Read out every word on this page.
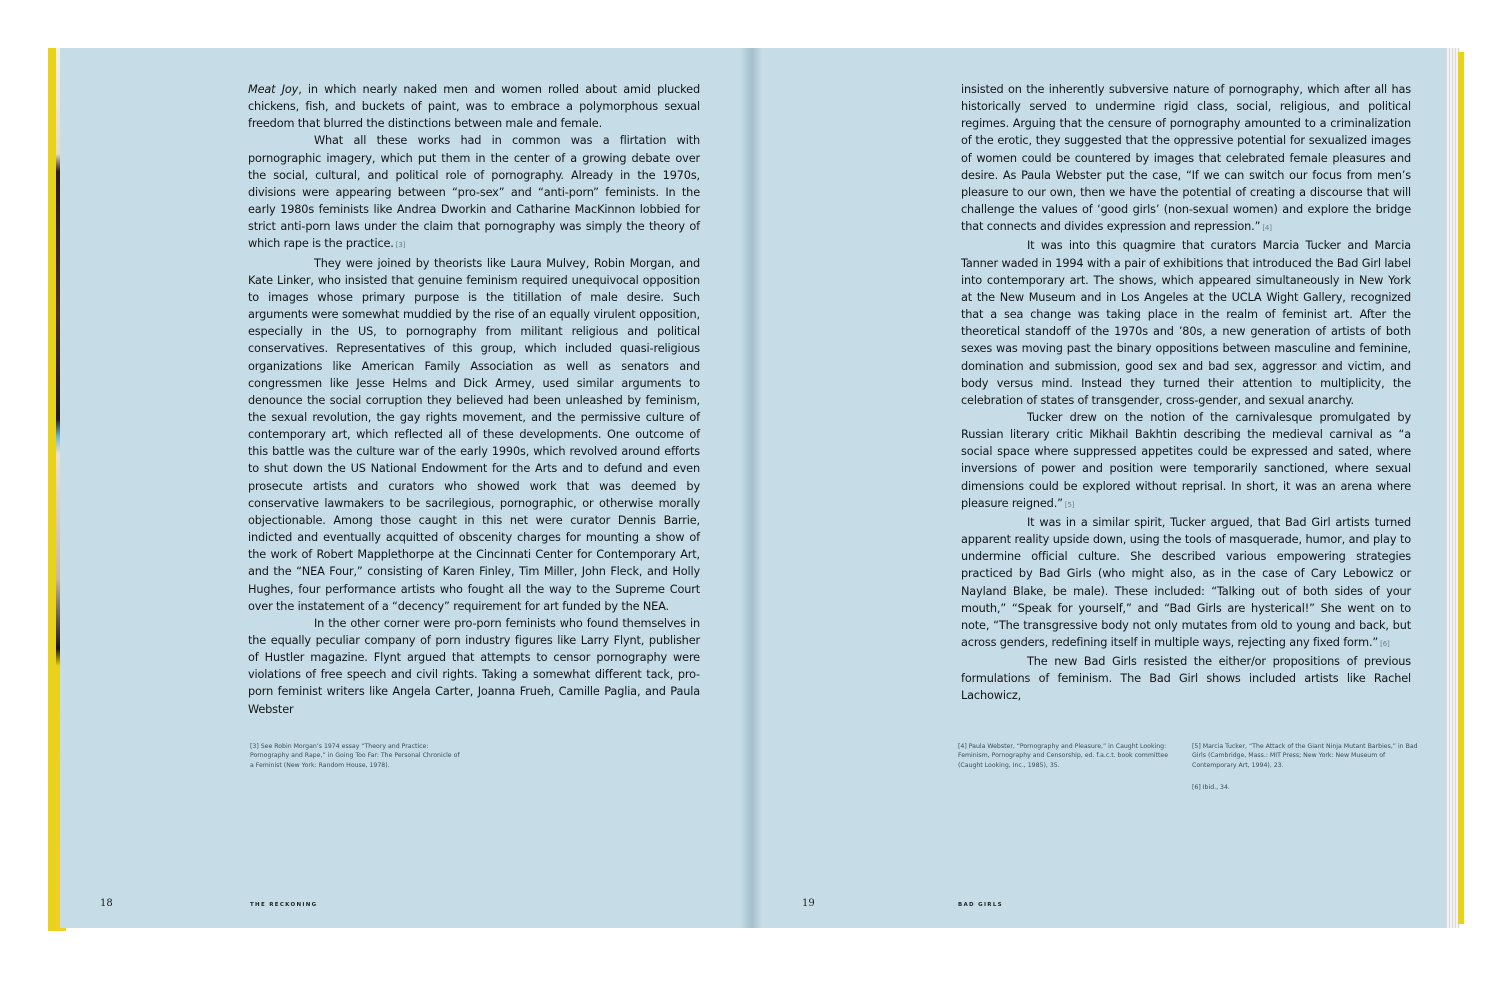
Meat Joy, in which nearly naked men and women rolled about amid plucked chickens, fish, and buckets of paint, was to embrace a polymorphous sexual freedom that blurred the distinctions between male and female.

What all these works had in common was a flirtation with pornographic imagery, which put them in the center of a growing debate over the social, cultural, and political role of pornography. Already in the 1970s, divisions were appearing between “pro-sex” and “anti-porn” feminists. In the early 1980s feminists like Andrea Dworkin and Catharine MacKinnon lobbied for strict anti-porn laws under the claim that pornography was simply the theory of which rape is the practice. [3]

They were joined by theorists like Laura Mulvey, Robin Morgan, and Kate Linker, who insisted that genuine feminism required unequivocal opposition to images whose primary purpose is the titillation of male desire. Such arguments were somewhat muddied by the rise of an equally virulent opposition, especially in the US, to pornography from militant religious and political conservatives. Representatives of this group, which included quasi-religious organizations like American Family Association as well as senators and congressmen like Jesse Helms and Dick Armey, used similar arguments to denounce the social corruption they believed had been unleashed by feminism, the sexual revolution, the gay rights movement, and the permissive culture of contemporary art, which reflected all of these developments. One outcome of this battle was the culture war of the early 1990s, which revolved around efforts to shut down the US National Endowment for the Arts and to defund and even prosecute artists and curators who showed work that was deemed by conservative lawmakers to be sacrilegious, pornographic, or otherwise morally objectionable. Among those caught in this net were curator Dennis Barrie, indicted and eventually acquitted of obscenity charges for mounting a show of the work of Robert Mapplethorpe at the Cincinnati Center for Contemporary Art, and the “NEA Four,” consisting of Karen Finley, Tim Miller, John Fleck, and Holly Hughes, four performance artists who fought all the way to the Supreme Court over the instatement of a “decency” requirement for art funded by the NEA.

In the other corner were pro-porn feminists who found themselves in the equally peculiar company of porn industry figures like Larry Flynt, publisher of Hustler magazine. Flynt argued that attempts to censor pornography were violations of free speech and civil rights. Taking a somewhat different tack, pro-porn feminist writers like Angela Carter, Joanna Frueh, Camille Paglia, and Paula Webster

[3] See Robin Morgan’s 1974 essay “Theory and Practice: Pornography and Rape,” in Going Too Far: The Personal Chronicle of a Feminist (New York: Random House, 1978).

18	THE RECKONING

insisted on the inherently subversive nature of pornography, which after all has historically served to undermine rigid class, social, religious, and political regimes. Arguing that the censure of pornography amounted to a criminalization of the erotic, they suggested that the oppressive potential for sexualized images of women could be countered by images that celebrated female pleasures and desire. As Paula Webster put the case, “If we can switch our focus from men’s pleasure to our own, then we have the potential of creating a discourse that will challenge the values of ‘good girls’ (non-sexual women) and explore the bridge that connects and divides expression and repression.” [4]

It was into this quagmire that curators Marcia Tucker and Marcia Tanner waded in 1994 with a pair of exhibitions that introduced the Bad Girl label into contemporary art. The shows, which appeared simultaneously in New York at the New Museum and in Los Angeles at the UCLA Wight Gallery, recognized that a sea change was taking place in the realm of feminist art. After the theoretical standoff of the 1970s and ’80s, a new generation of artists of both sexes was moving past the binary oppositions between masculine and feminine, domination and submission, good sex and bad sex, aggressor and victim, and body versus mind. Instead they turned their attention to multiplicity, the celebration of states of transgender, cross-gender, and sexual anarchy.

Tucker drew on the notion of the carnivalesque promulgated by Russian literary critic Mikhail Bakhtin describing the medieval carnival as “a social space where suppressed appetites could be expressed and sated, where inversions of power and position were temporarily sanctioned, where sexual dimensions could be explored without reprisal. In short, it was an arena where pleasure reigned.” [5]

It was in a similar spirit, Tucker argued, that Bad Girl artists turned apparent reality upside down, using the tools of masquerade, humor, and play to undermine official culture. She described various empowering strategies practiced by Bad Girls (who might also, as in the case of Cary Lebowicz or Nayland Blake, be male). These included: “Talking out of both sides of your mouth,” “Speak for yourself,” and “Bad Girls are hysterical!” She went on to note, “The transgressive body not only mutates from old to young and back, but across genders, redefining itself in multiple ways, rejecting any fixed form.” [6]

The new Bad Girls resisted the either/or propositions of previous formulations of feminism. The Bad Girl shows included artists like Rachel Lachowicz,

[4] Paula Webster, “Pornography and Pleasure,” in Caught Looking: Feminism, Pornography and Censorship, ed. f.a.c.t. book committee (Caught Looking, Inc., 1985), 35.

[5] Marcia Tucker, “The Attack of the Giant Ninja Mutant Barbies,” in Bad Girls (Cambridge, Mass.: MIT Press; New York: New Museum of Contemporary Art, 1994), 23.

[6] Ibid., 34.

19	BAD GIRLS
